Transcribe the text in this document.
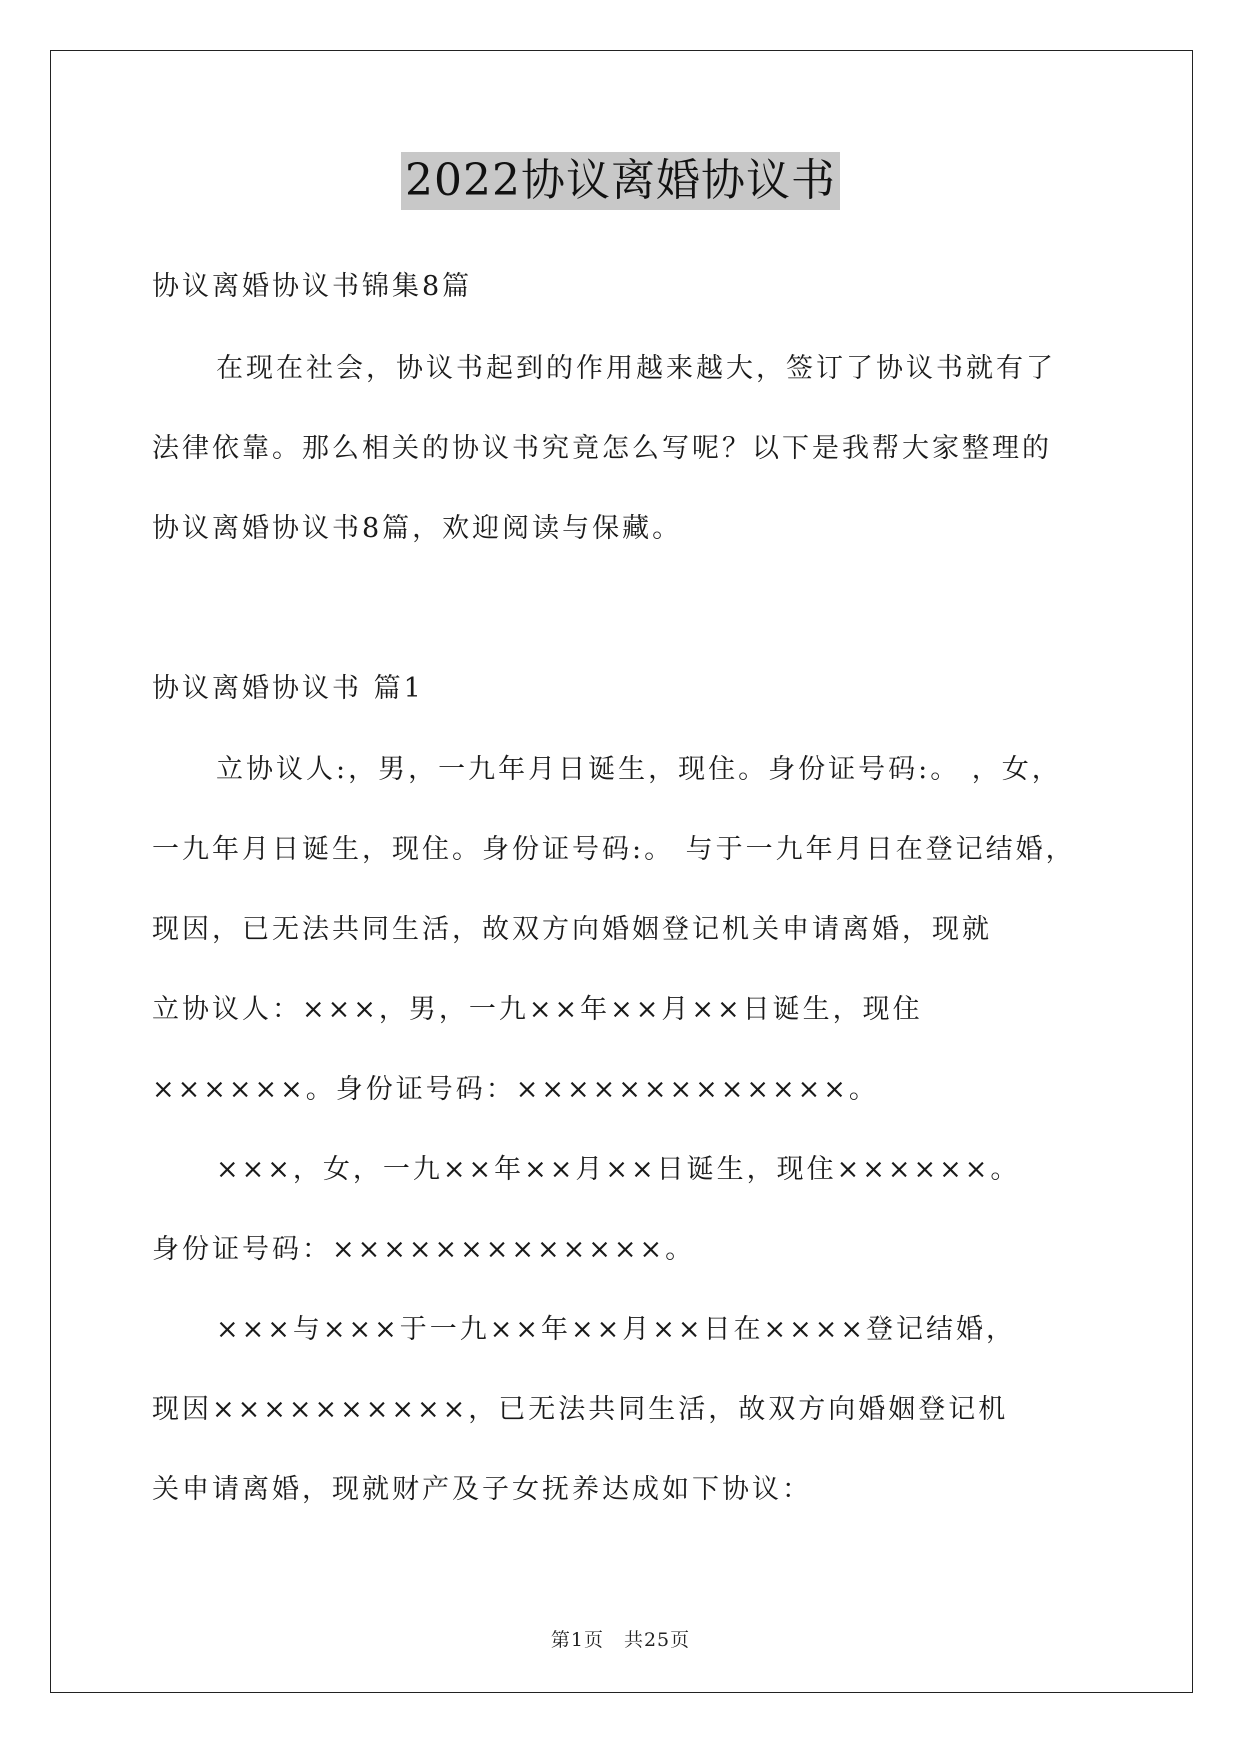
2022协议离婚协议书
协议离婚协议书锦集8篇
在现在社会，协议书起到的作用越来越大，签订了协议书就有了
法律依靠。那么相关的协议书究竟怎么写呢？以下是我帮大家整理的
协议离婚协议书8篇，欢迎阅读与保藏。
协议离婚协议书 篇1
立协议人:，男，一九年月日诞生，现住。身份证号码:。 ，女，
一九年月日诞生，现住。身份证号码:。 与于一九年月日在登记结婚，
现因，已无法共同生活，故双方向婚姻登记机关申请离婚，现就
立协议人：×××，男，一九××年××月××日诞生，现住
××××××。身份证号码：×××××××××××××。
×××，女，一九××年××月××日诞生，现住××××××。
身份证号码：×××××××××××××。
×××与×××于一九××年××月××日在××××登记结婚，
现因××××××××××，已无法共同生活，故双方向婚姻登记机
关申请离婚，现就财产及子女抚养达成如下协议：
第1页 共25页
